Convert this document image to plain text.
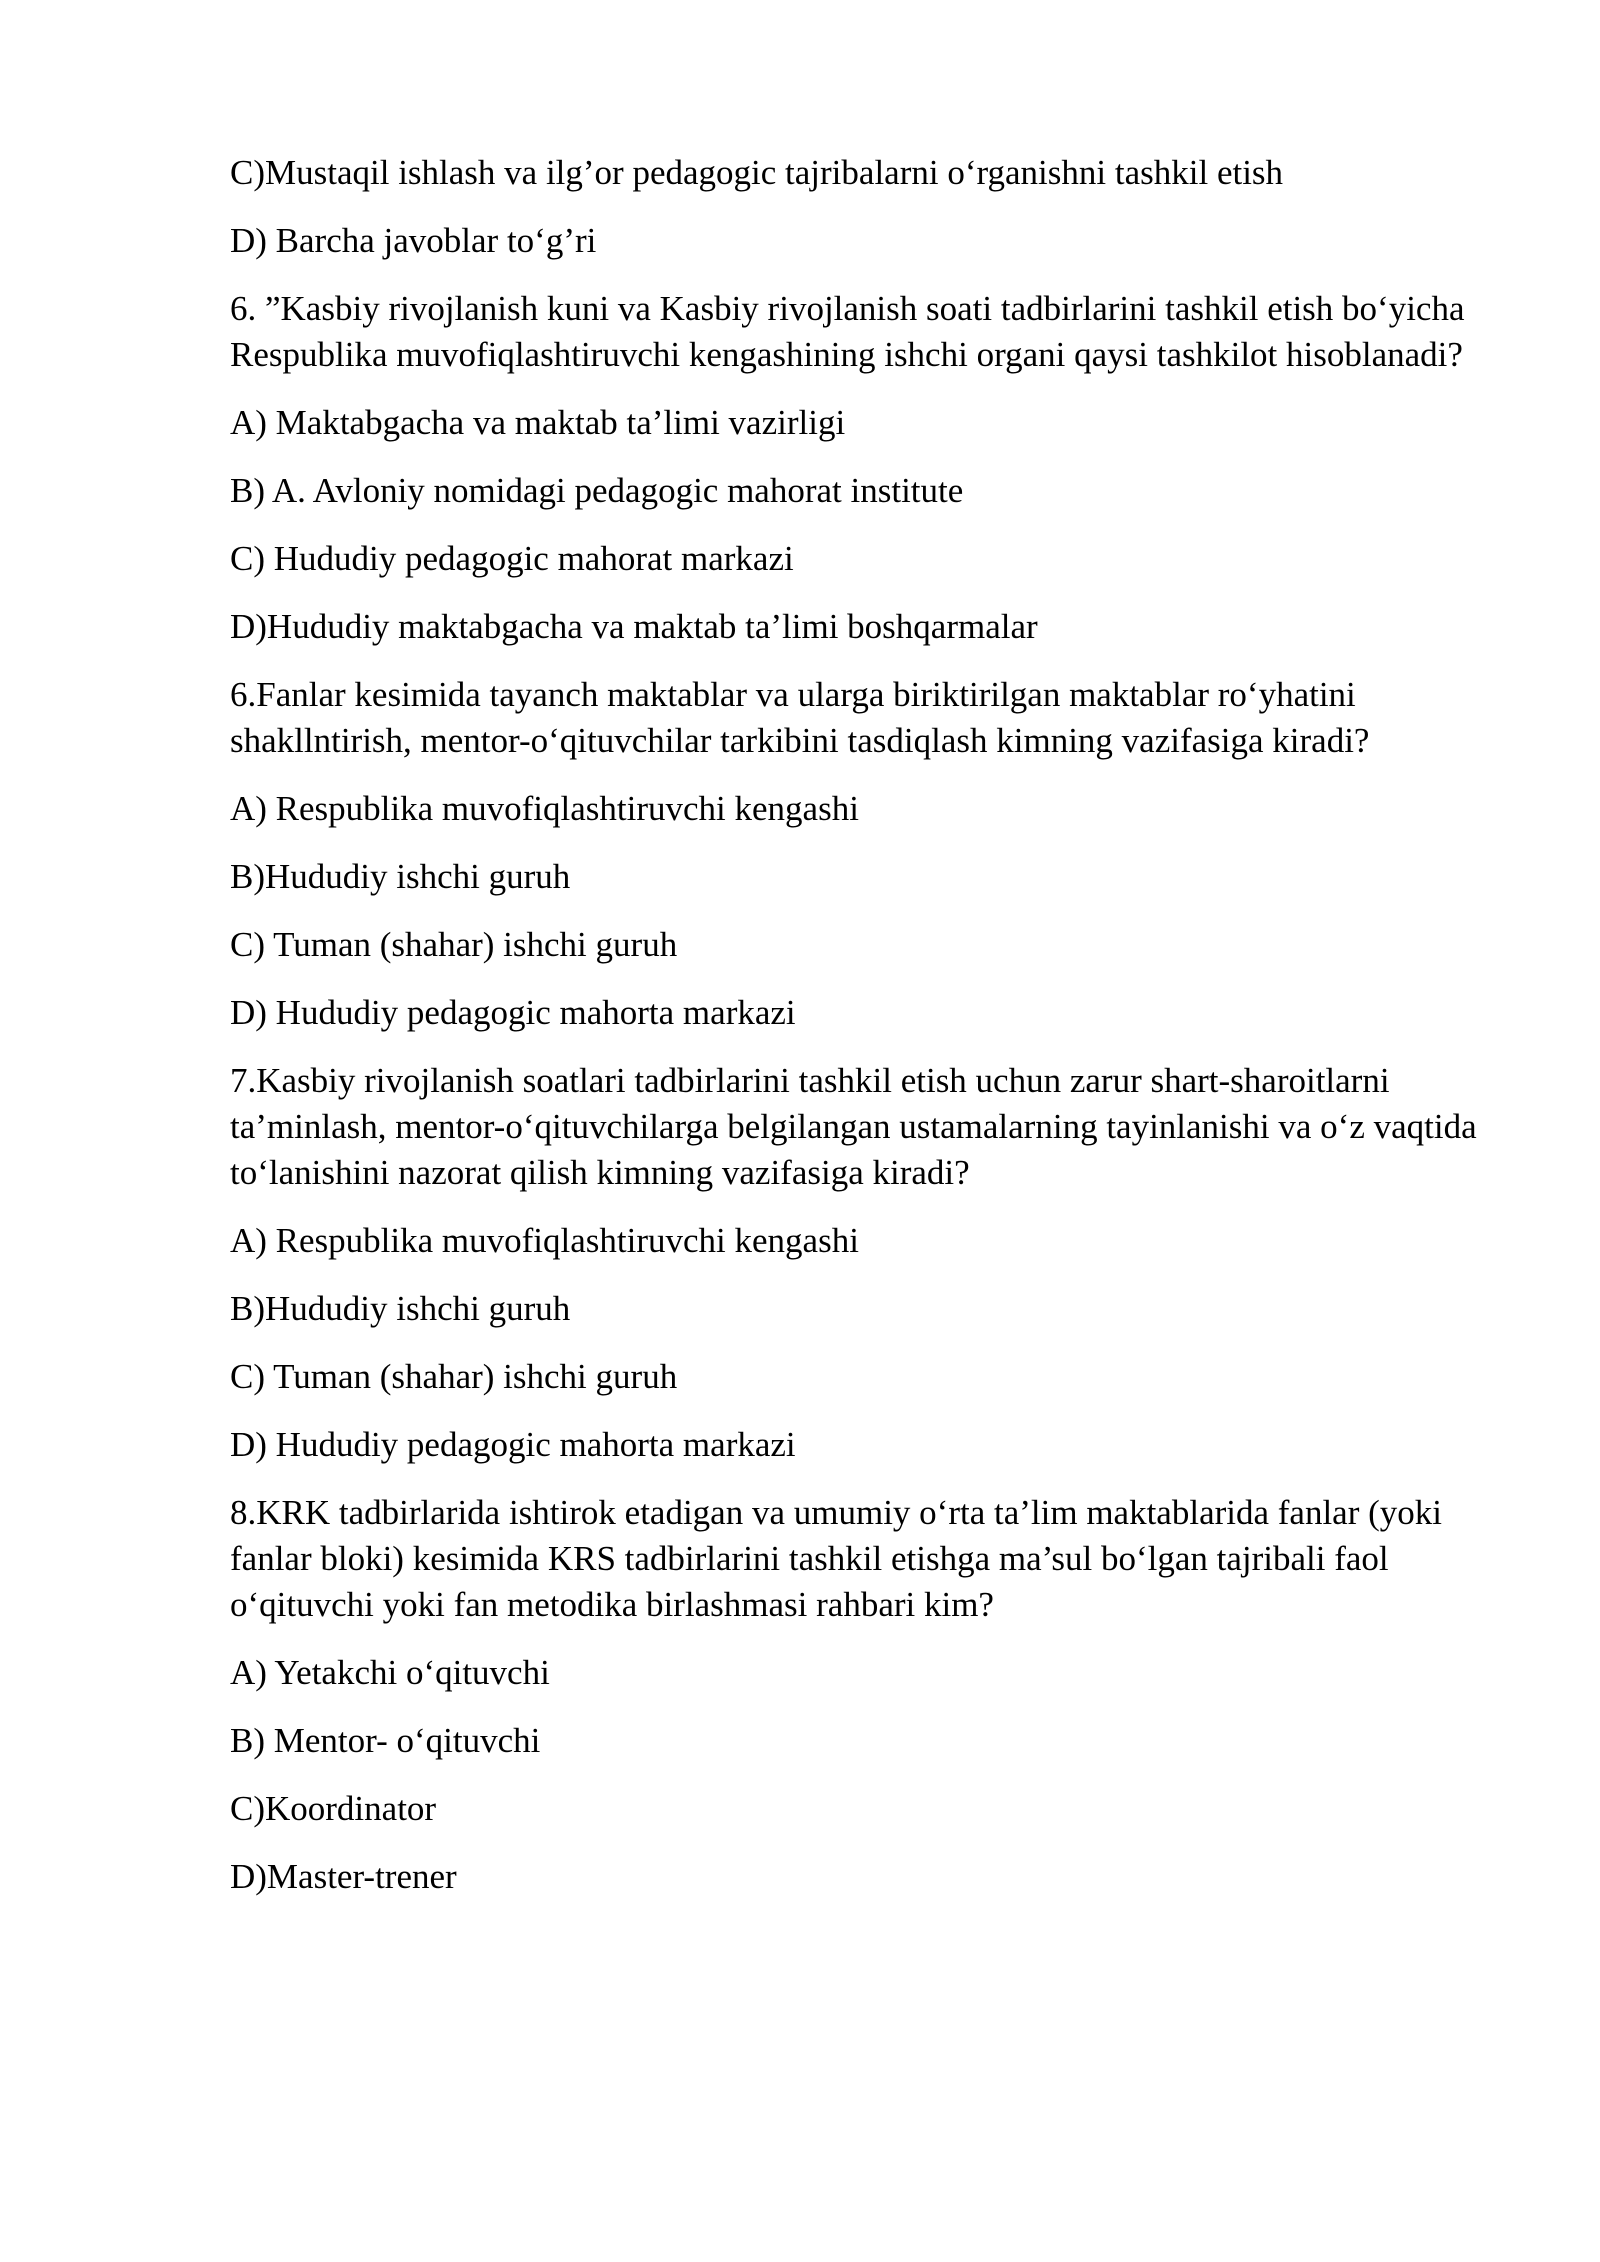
C)Mustaqil ishlash va ilg’or pedagogic tajribalarni o‘rganishni tashkil etish

D) Barcha javoblar to‘g’ri

6. ”Kasbiy rivojlanish kuni va Kasbiy rivojlanish soati tadbirlarini tashkil etish bo‘yicha Respublika muvofiqlashtiruvchi kengashining ishchi organi qaysi tashkilot hisoblanadi?

A) Maktabgacha va maktab ta’limi vazirligi

B) A. Avloniy nomidagi pedagogic mahorat institute

C) Hududiy pedagogic mahorat markazi

D)Hududiy maktabgacha va maktab ta’limi boshqarmalar

6.Fanlar kesimida tayanch maktablar va ularga biriktirilgan maktablar ro‘yhatini shakllntirish, mentor-o‘qituvchilar tarkibini tasdiqlash kimning vazifasiga kiradi?

A) Respublika muvofiqlashtiruvchi kengashi

B)Hududiy ishchi guruh

C) Tuman (shahar) ishchi guruh

D) Hududiy pedagogic mahorta markazi

7.Kasbiy rivojlanish soatlari tadbirlarini tashkil etish uchun zarur shart-sharoitlarni ta’minlash, mentor-o‘qituvchilarga belgilangan ustamalarning tayinlanishi va o‘z vaqtida to‘lanishini nazorat qilish kimning vazifasiga kiradi?

A) Respublika muvofiqlashtiruvchi kengashi

B)Hududiy ishchi guruh

C) Tuman (shahar) ishchi guruh

D) Hududiy pedagogic mahorta markazi

8.KRK tadbirlarida ishtirok etadigan va umumiy o‘rta ta’lim maktablarida fanlar (yoki fanlar bloki) kesimida KRS tadbirlarini tashkil etishga ma’sul bo‘lgan tajribali faol o‘qituvchi yoki fan metodika birlashmasi rahbari kim?

A) Yetakchi o‘qituvchi

B) Mentor- o‘qituvchi

C)Koordinator

D)Master-trener
